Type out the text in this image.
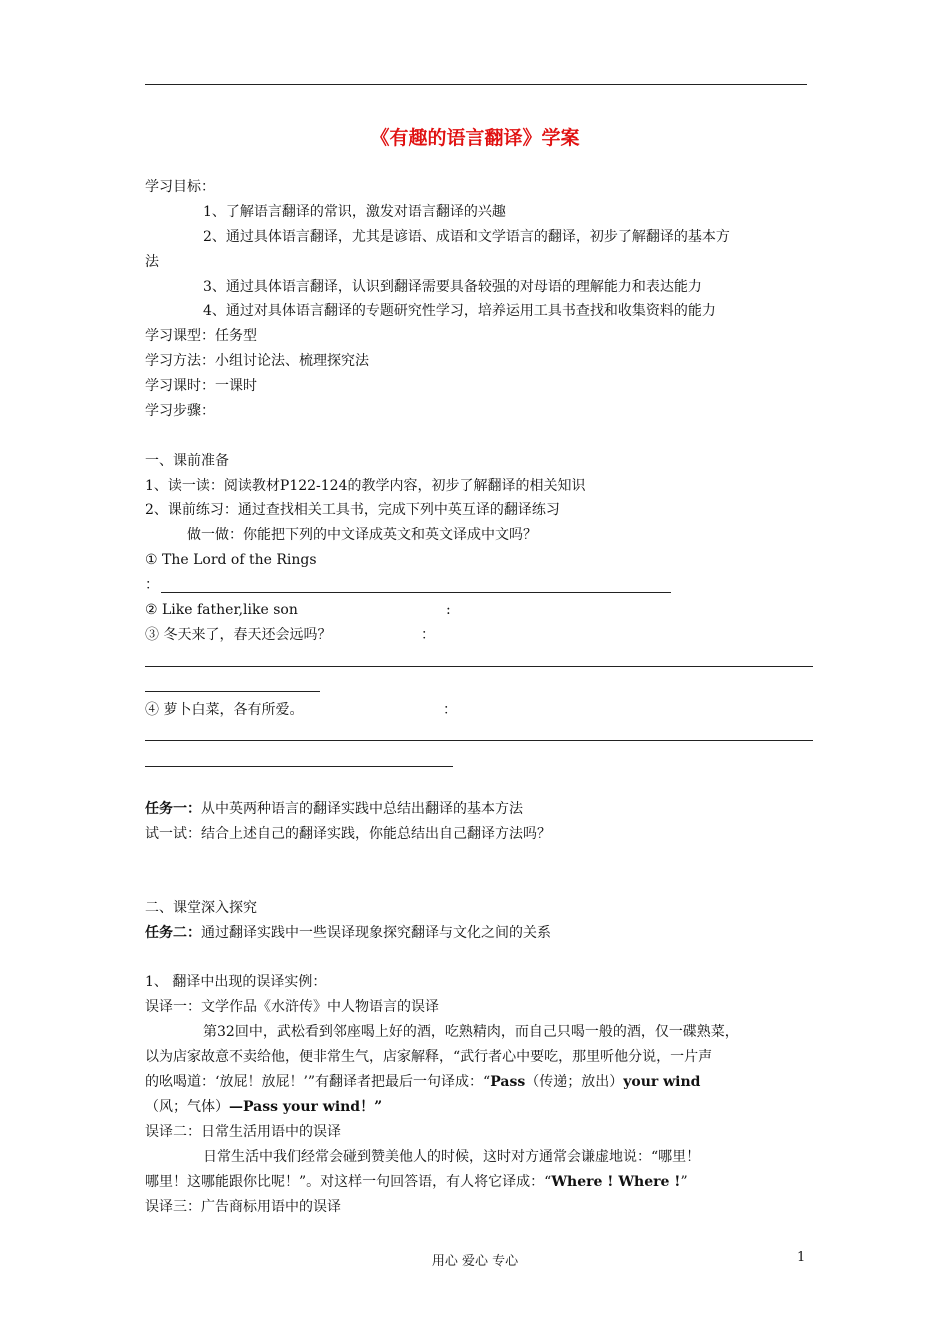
《有趣的语言翻译》学案
学习目标：
1、了解语言翻译的常识，激发对语言翻译的兴趣
2、通过具体语言翻译，尤其是谚语、成语和文学语言的翻译，初步了解翻译的基本方
法
3、通过具体语言翻译，认识到翻译需要具备较强的对母语的理解能力和表达能力
4、通过对具体语言翻译的专题研究性学习，培养运用工具书查找和收集资料的能力
学习课型：任务型
学习方法：小组讨论法、梳理探究法
学习课时：一课时
学习步骤：
一、课前准备
1、读一读：阅读教材P122-124的教学内容，初步了解翻译的相关知识
2、课前练习：通过查找相关工具书，完成下列中英互译的翻译练习
做一做：你能把下列的中文译成英文和英文译成中文吗？
① The Lord of the Rings
：
② Like father,like son	:
③ 冬天来了，春天还会远吗？	：
④ 萝卜白菜，各有所爱。	：
任务一：从中英两种语言的翻译实践中总结出翻译的基本方法
试一试：结合上述自己的翻译实践，你能总结出自己翻译方法吗？
二、课堂深入探究
任务二：通过翻译实践中一些误译现象探究翻译与文化之间的关系
1、 翻译中出现的误译实例：
误译一：文学作品《水浒传》中人物语言的误译
第32回中，武松看到邻座喝上好的酒，吃熟精肉，而自己只喝一般的酒，仅一碟熟菜，
以为店家故意不卖给他，便非常生气，店家解释，“武行者心中要吃，那里听他分说，一片声
的吆喝道：‘放屁！放屁！’”有翻译者把最后一句译成：“Pass（传递；放出）your wind
（风；气体）—Pass your wind！”
误译二：日常生活用语中的误译
日常生活中我们经常会碰到赞美他人的时候，这时对方通常会谦虚地说：“哪里！
哪里！这哪能跟你比呢！”。对这样一句回答语，有人将它译成：“Where ! Where !”
误译三：广告商标用语中的误译
用心 爱心 专心	1
